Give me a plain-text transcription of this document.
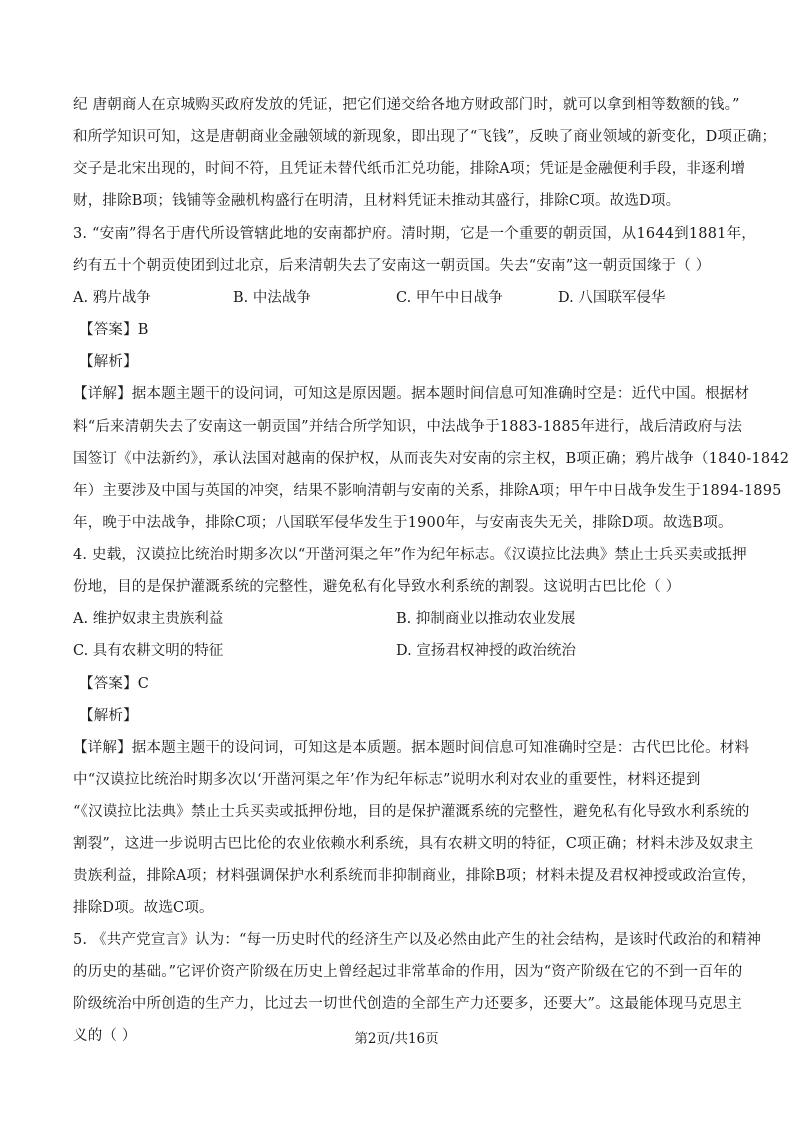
纪 唐朝商人在京城购买政府发放的凭证，把它们递交给各地方财政部门时，就可以拿到相等数额的钱。”
和所学知识可知，这是唐朝商业金融领域的新现象，即出现了“飞钱”，反映了商业领域的新变化，D项正确；
交子是北宋出现的，时间不符，且凭证未替代纸币汇兑功能，排除A项；凭证是金融便利手段，非逐利增
财，排除B项；钱铺等金融机构盛行在明清，且材料凭证未推动其盛行，排除C项。故选D项。
3. “安南”得名于唐代所设管辖此地的安南都护府。清时期，它是一个重要的朝贡国，从1644到1881年，
约有五十个朝贡使团到过北京，后来清朝失去了安南这一朝贡国。失去“安南”这一朝贡国缘于（ ）
A. 鸦片战争	B. 中法战争	C. 甲午中日战争	D. 八国联军侵华
【答案】B
【解析】
【详解】据本题主题干的设问词，可知这是原因题。据本题时间信息可知准确时空是：近代中国。根据材
料“后来清朝失去了安南这一朝贡国”并结合所学知识，中法战争于1883-1885年进行，战后清政府与法
国签订《中法新约》，承认法国对越南的保护权，从而丧失对安南的宗主权，B项正确；鸦片战争（1840-1842
年）主要涉及中国与英国的冲突，结果不影响清朝与安南的关系，排除A项；甲午中日战争发生于1894-1895
年，晚于中法战争，排除C项；八国联军侵华发生于1900年，与安南丧失无关，排除D项。故选B项。
4. 史载，汉谟拉比统治时期多次以“开凿河渠之年”作为纪年标志。《汉谟拉比法典》禁止士兵买卖或抵押
份地，目的是保护灌溉系统的完整性，避免私有化导致水利系统的割裂。这说明古巴比伦（ ）
A. 维护奴隶主贵族利益	B. 抑制商业以推动农业发展
C. 具有农耕文明的特征	D. 宣扬君权神授的政治统治
【答案】C
【解析】
【详解】据本题主题干的设问词，可知这是本质题。据本题时间信息可知准确时空是：古代巴比伦。材料
中“汉谟拉比统治时期多次以‘开凿河渠之年’作为纪年标志”说明水利对农业的重要性，材料还提到
“《汉谟拉比法典》禁止士兵买卖或抵押份地，目的是保护灌溉系统的完整性，避免私有化导致水利系统的
割裂”，这进一步说明古巴比伦的农业依赖水利系统，具有农耕文明的特征，C项正确；材料未涉及奴隶主
贵族利益，排除A项；材料强调保护水利系统而非抑制商业，排除B项；材料未提及君权神授或政治宣传，
排除D项。故选C项。
5. 《共产党宣言》认为：“每一历史时代的经济生产以及必然由此产生的社会结构，是该时代政治的和精神
的历史的基础。”它评价资产阶级在历史上曾经起过非常革命的作用，因为“资产阶级在它的不到一百年的
阶级统治中所创造的生产力，比过去一切世代创造的全部生产力还要多，还要大”。这最能体现马克思主
义的（ ）	第2页/共16页
